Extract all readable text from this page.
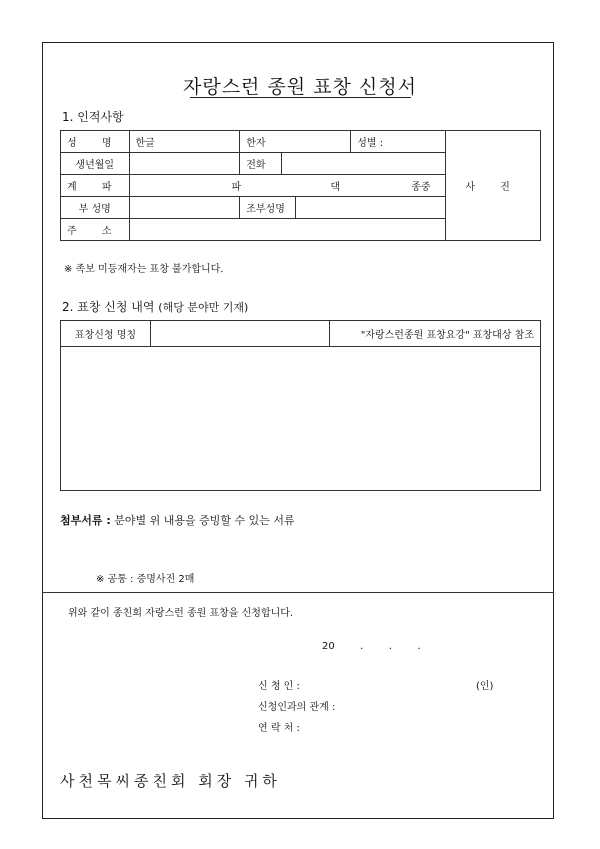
자랑스런 종원 표창 신청서
1. 인적사항
성 명	한글	한자			성별 :	사 진
생년월일		전화				
계 파	파 댁 종중					
부 성명		조부성명				
주 소						
※ 족보 미등재자는 표창 불가합니다.
2. 표창 신청 내역 (해당 분야만 기재)
표창신청 명칭		"자랑스런종원 표창요강" 표창대상 참조

첨부서류 : 분야별 위 내용을 증빙할 수 있는 서류
※ 공통 : 증명사진 2매
위와 같이 종친회 자랑스런 종원 표창을 신청합니다.
20        .        .        .
신 청 인 :	(인)
신청인과의 관계 :
연 락 처 :
사천목씨종친회 회장 귀하
